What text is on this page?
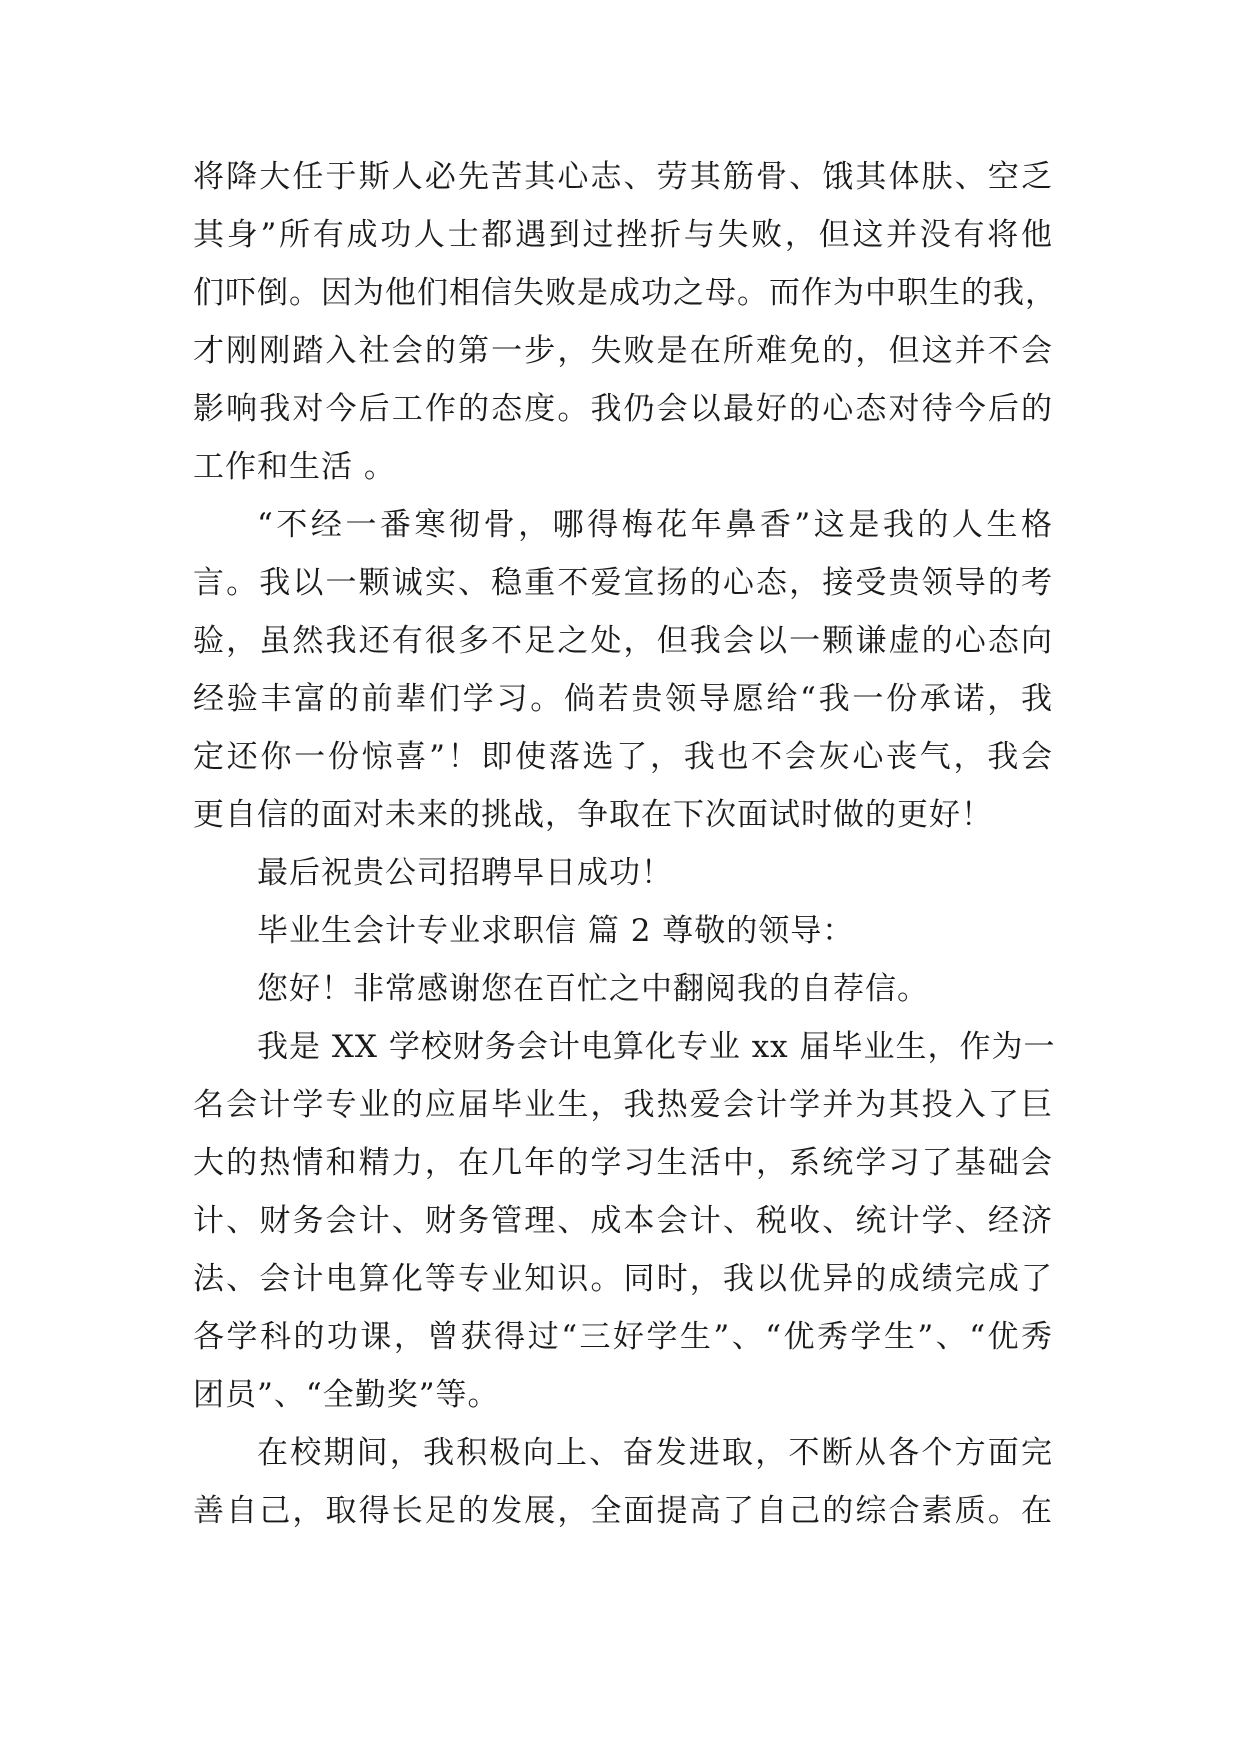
将降大任于斯人必先苦其心志、劳其筋骨、饿其体肤、空乏
其身”所有成功人士都遇到过挫折与失败，但这并没有将他
们吓倒。因为他们相信失败是成功之母。而作为中职生的我，
才刚刚踏入社会的第一步，失败是在所难免的，但这并不会
影响我对今后工作的态度。我仍会以最好的心态对待今后的
工作和生活 。
“不经一番寒彻骨，哪得梅花年鼻香”这是我的人生格
言。我以一颗诚实、稳重不爱宣扬的心态，接受贵领导的考
验，虽然我还有很多不足之处，但我会以一颗谦虚的心态向
经验丰富的前辈们学习。倘若贵领导愿给“我一份承诺，我
定还你一份惊喜”！即使落选了，我也不会灰心丧气，我会
更自信的面对未来的挑战，争取在下次面试时做的更好！
最后祝贵公司招聘早日成功！
毕业生会计专业求职信 篇 2 尊敬的领导：
您好！非常感谢您在百忙之中翻阅我的自荐信。
我是 XX 学校财务会计电算化专业 xx 届毕业生，作为一
名会计学专业的应届毕业生，我热爱会计学并为其投入了巨
大的热情和精力，在几年的学习生活中，系统学习了基础会
计、财务会计、财务管理、成本会计、税收、统计学、经济
法、会计电算化等专业知识。同时，我以优异的成绩完成了
各学科的功课，曾获得过“三好学生”、“优秀学生”、“优秀
团员”、“全勤奖”等。
在校期间，我积极向上、奋发进取，不断从各个方面完
善自己，取得长足的发展，全面提高了自己的综合素质。在
